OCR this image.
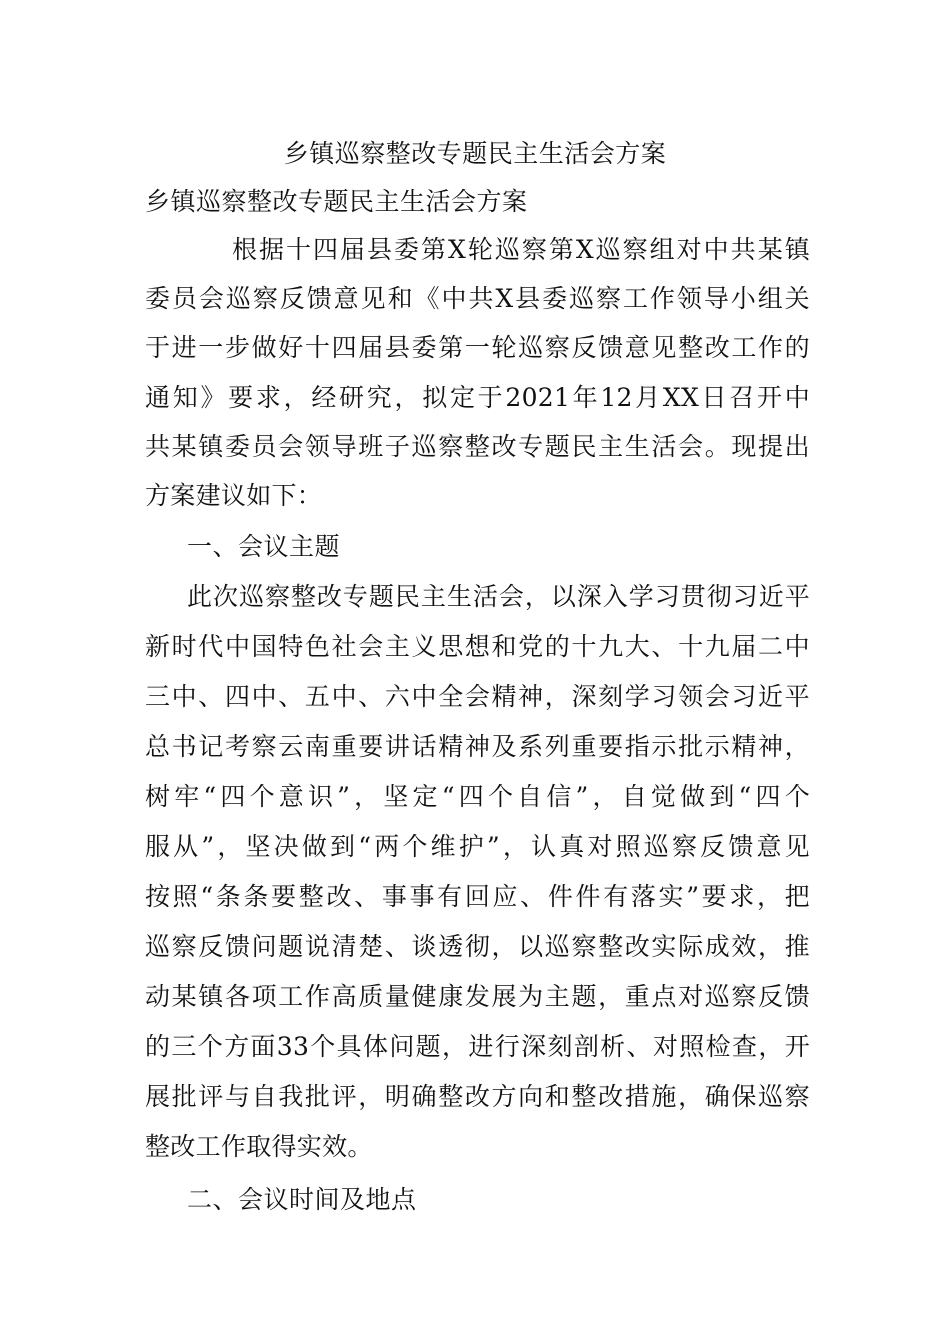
乡镇巡察整改专题民主生活会方案
乡镇巡察整改专题民主生活会方案
根据十四届县委第X轮巡察第X巡察组对中共某镇
委员会巡察反馈意见和《中共X县委巡察工作领导小组关
于进一步做好十四届县委第一轮巡察反馈意见整改工作的
通知》要求，经研究，拟定于2021年12月XX日召开中
共某镇委员会领导班子巡察整改专题民主生活会。现提出
方案建议如下：
一、会议主题
此次巡察整改专题民主生活会，以深入学习贯彻习近平
新时代中国特色社会主义思想和党的十九大、十九届二中
三中、四中、五中、六中全会精神，深刻学习领会习近平
总书记考察云南重要讲话精神及系列重要指示批示精神，
树牢“四个意识”，坚定“四个自信”，自觉做到“四个
服从”，坚决做到“两个维护”，认真对照巡察反馈意见
按照“条条要整改、事事有回应、件件有落实”要求，把
巡察反馈问题说清楚、谈透彻，以巡察整改实际成效，推
动某镇各项工作高质量健康发展为主题，重点对巡察反馈
的三个方面33个具体问题，进行深刻剖析、对照检查，开
展批评与自我批评，明确整改方向和整改措施，确保巡察
整改工作取得实效。
二、会议时间及地点
